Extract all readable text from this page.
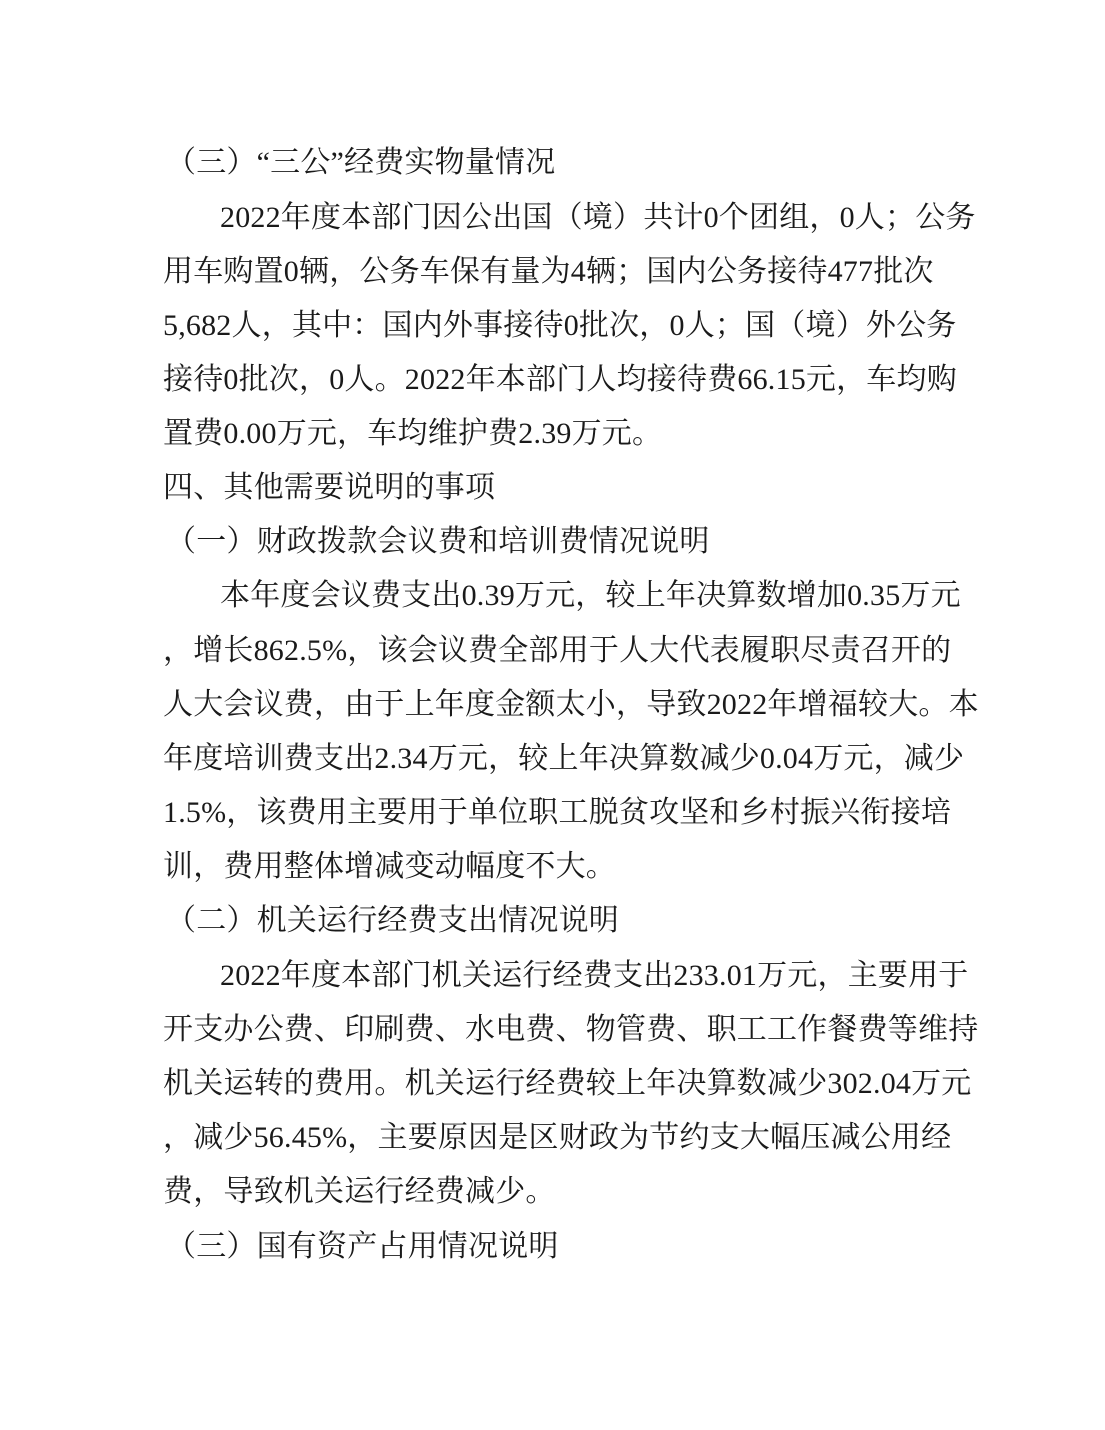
（三）“三公”经费实物量情况
2022年度本部门因公出国（境）共计0个团组，0人；公务
用车购置0辆，公务车保有量为4辆；国内公务接待477批次
5,682人，其中：国内外事接待0批次，0人；国（境）外公务
接待0批次，0人。2022年本部门人均接待费66.15元，车均购
置费0.00万元，车均维护费2.39万元。
四、其他需要说明的事项
（一）财政拨款会议费和培训费情况说明
本年度会议费支出0.39万元，较上年决算数增加0.35万元
，增长862.5%，该会议费全部用于人大代表履职尽责召开的
人大会议费，由于上年度金额太小，导致2022年增福较大。本
年度培训费支出2.34万元，较上年决算数减少0.04万元，减少
1.5%，该费用主要用于单位职工脱贫攻坚和乡村振兴衔接培
训，费用整体增减变动幅度不大。
（二）机关运行经费支出情况说明
2022年度本部门机关运行经费支出233.01万元，主要用于
开支办公费、印刷费、水电费、物管费、职工工作餐费等维持
机关运转的费用。机关运行经费较上年决算数减少302.04万元
，减少56.45%，主要原因是区财政为节约支大幅压减公用经
费，导致机关运行经费减少。
（三）国有资产占用情况说明
